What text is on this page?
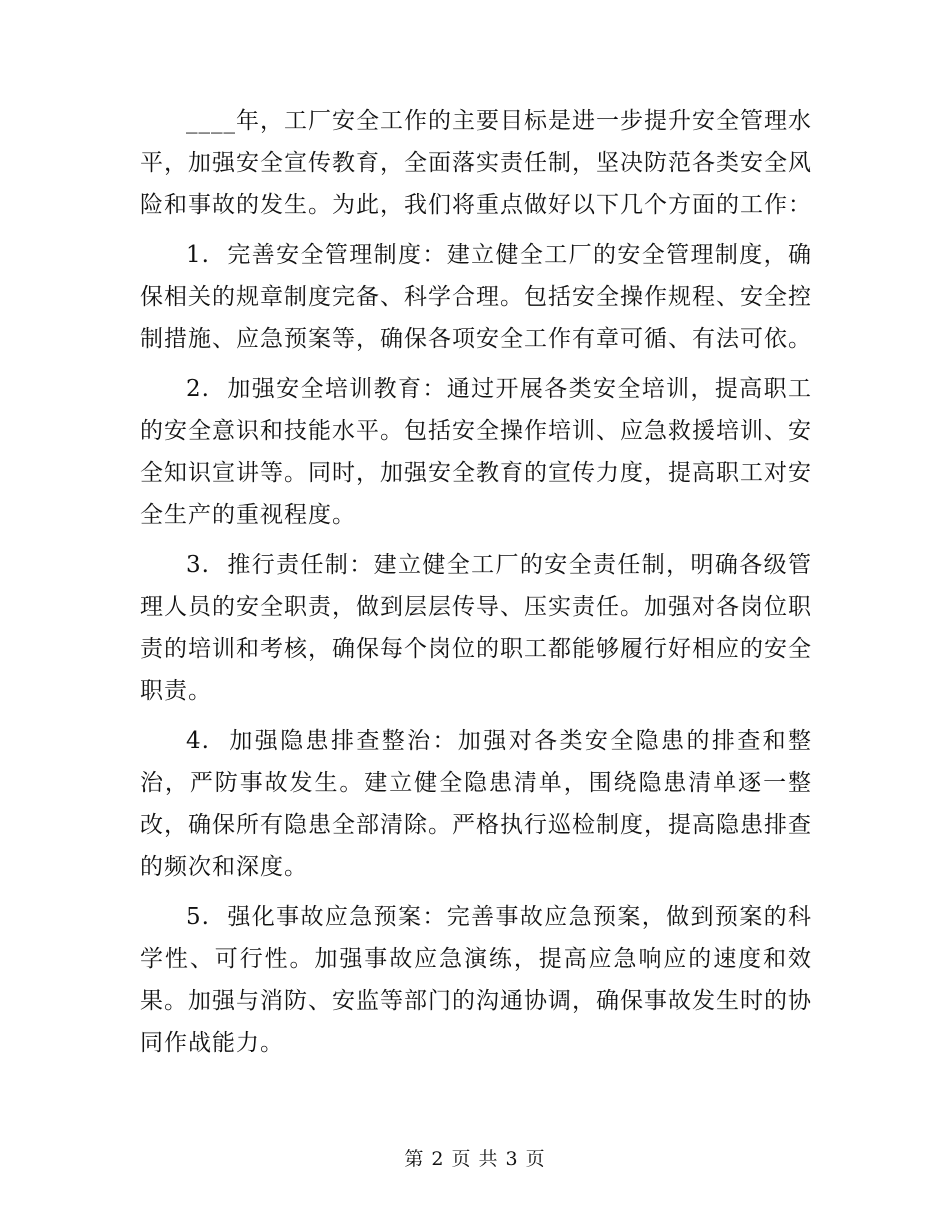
____年，工厂安全工作的主要目标是进一步提升安全管理水平，加强安全宣传教育，全面落实责任制，坚决防范各类安全风险和事故的发生。为此，我们将重点做好以下几个方面的工作：

1. 完善安全管理制度：建立健全工厂的安全管理制度，确保相关的规章制度完备、科学合理。包括安全操作规程、安全控制措施、应急预案等，确保各项安全工作有章可循、有法可依。

2. 加强安全培训教育：通过开展各类安全培训，提高职工的安全意识和技能水平。包括安全操作培训、应急救援培训、安全知识宣讲等。同时，加强安全教育的宣传力度，提高职工对安全生产的重视程度。

3. 推行责任制：建立健全工厂的安全责任制，明确各级管理人员的安全职责，做到层层传导、压实责任。加强对各岗位职责的培训和考核，确保每个岗位的职工都能够履行好相应的安全职责。

4. 加强隐患排查整治：加强对各类安全隐患的排查和整治，严防事故发生。建立健全隐患清单，围绕隐患清单逐一整改，确保所有隐患全部清除。严格执行巡检制度，提高隐患排查的频次和深度。

5. 强化事故应急预案：完善事故应急预案，做到预案的科学性、可行性。加强事故应急演练，提高应急响应的速度和效果。加强与消防、安监等部门的沟通协调，确保事故发生时的协同作战能力。

第 2 页 共 3 页
